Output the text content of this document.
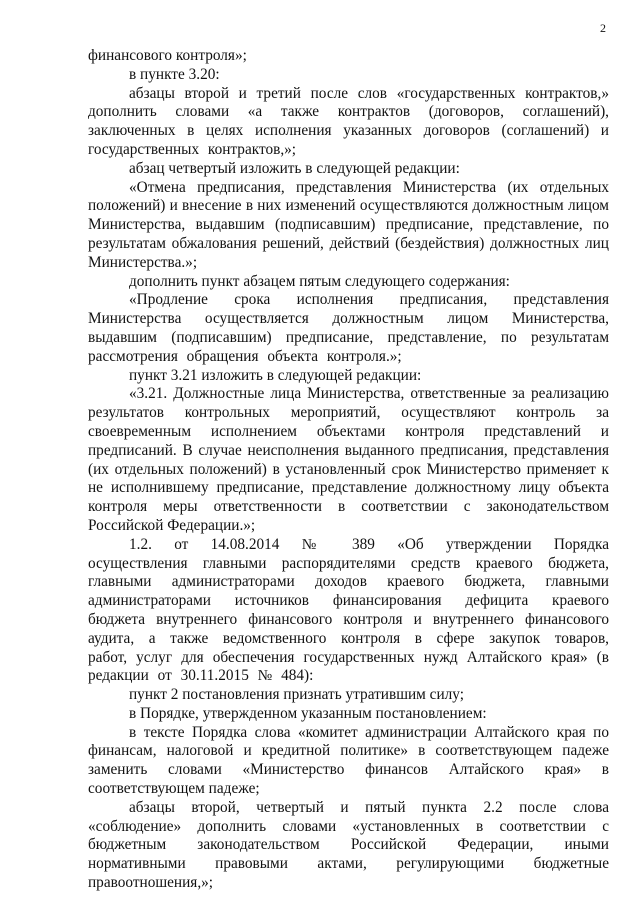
2

финансового контроля»;

в пункте 3.20:

абзацы второй и третий после слов «государственных контрактов,» дополнить словами «а также контрактов (договоров, соглашений), заключенных в целях исполнения указанных договоров (соглашений) и государственных контрактов,»;

абзац четвертый изложить в следующей редакции:

«Отмена предписания, представления Министерства (их отдельных положений) и внесение в них изменений осуществляются должностным лицом Министерства, выдавшим (подписавшим) предписание, представление, по результатам обжалования решений, действий (бездействия) должностных лиц Министерства.»;

дополнить пункт абзацем пятым следующего содержания:

«Продление срока исполнения предписания, представления Министерства осуществляется должностным лицом Министерства, выдавшим (подписавшим) предписание, представление, по результатам рассмотрения обращения объекта контроля.»;

пункт 3.21 изложить в следующей редакции:

«3.21. Должностные лица Министерства, ответственные за реализацию результатов контрольных мероприятий, осуществляют контроль за своевременным исполнением объектами контроля представлений и предписаний. В случае неисполнения выданного предписания, представления (их отдельных положений) в установленный срок Министерство применяет к не исполнившему предписание, представление должностному лицу объекта контроля меры ответственности в соответствии с законодательством Российской Федерации.»;

1.2. от 14.08.2014 № 389 «Об утверждении Порядка осуществления главными распорядителями средств краевого бюджета, главными администраторами доходов краевого бюджета, главными администраторами источников финансирования дефицита краевого бюджета внутреннего финансового контроля и внутреннего финансового аудита, а также ведомственного контроля в сфере закупок товаров, работ, услуг для обеспечения государственных нужд Алтайского края» (в редакции от 30.11.2015 № 484):

пункт 2 постановления признать утратившим силу;

в Порядке, утвержденном указанным постановлением:

в тексте Порядка слова «комитет администрации Алтайского края по финансам, налоговой и кредитной политике» в соответствующем падеже заменить словами «Министерство финансов Алтайского края» в соответствующем падеже;

абзацы второй, четвертый и пятый пункта 2.2 после слова «соблюдение» дополнить словами «установленных в соответствии с бюджетным законодательством Российской Федерации, иными нормативными правовыми актами, регулирующими бюджетные правоотношения,»;
